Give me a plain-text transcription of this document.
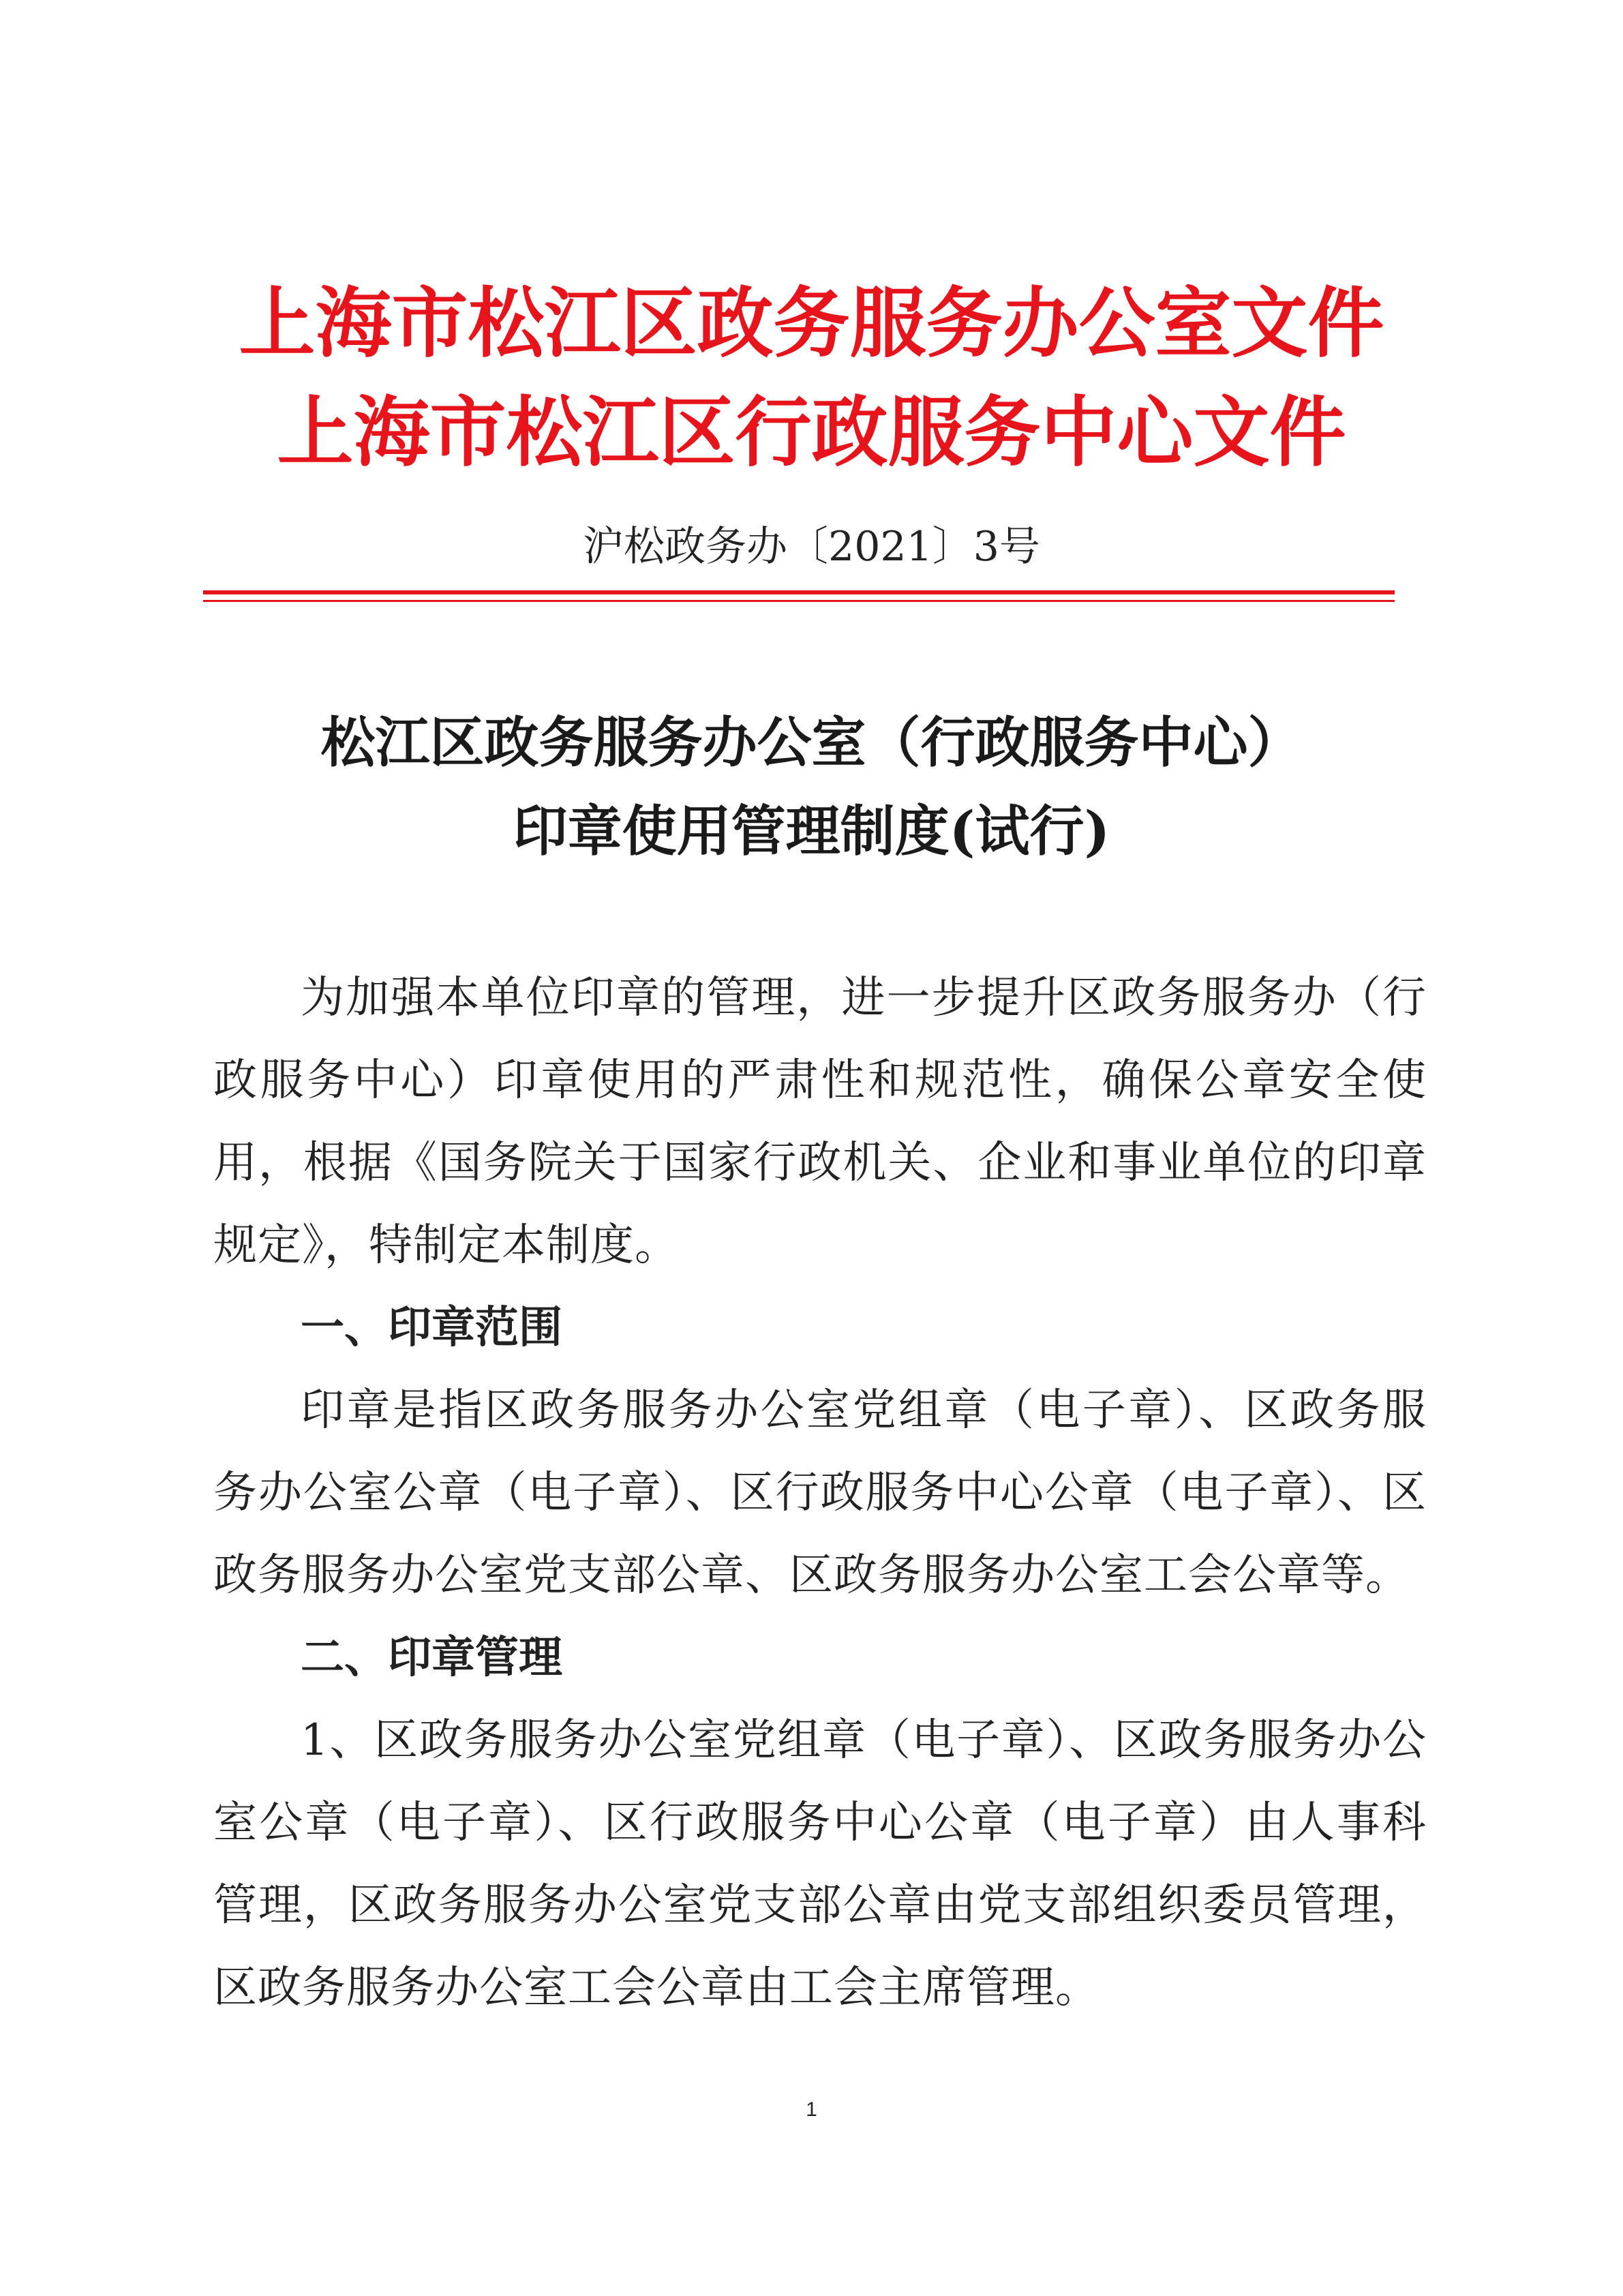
上海市松江区政务服务办公室文件
上海市松江区行政服务中心文件
沪松政务办〔2021〕3号
松江区政务服务办公室（行政服务中心）
印章使用管理制度(试行)

为加强本单位印章的管理，进一步提升区政务服务办（行政服务中心）印章使用的严肃性和规范性，确保公章安全使用，根据《国务院关于国家行政机关、企业和事业单位的印章规定》，特制定本制度。

一、印章范围

印章是指区政务服务办公室党组章（电子章）、区政务服务办公室公章（电子章）、区行政服务中心公章（电子章）、区政务服务办公室党支部公章、区政务服务办公室工会公章等。

二、印章管理

1、区政务服务办公室党组章（电子章）、区政务服务办公室公章（电子章）、区行政服务中心公章（电子章）由人事科管理，区政务服务办公室党支部公章由党支部组织委员管理，区政务服务办公室工会公章由工会主席管理。

1
